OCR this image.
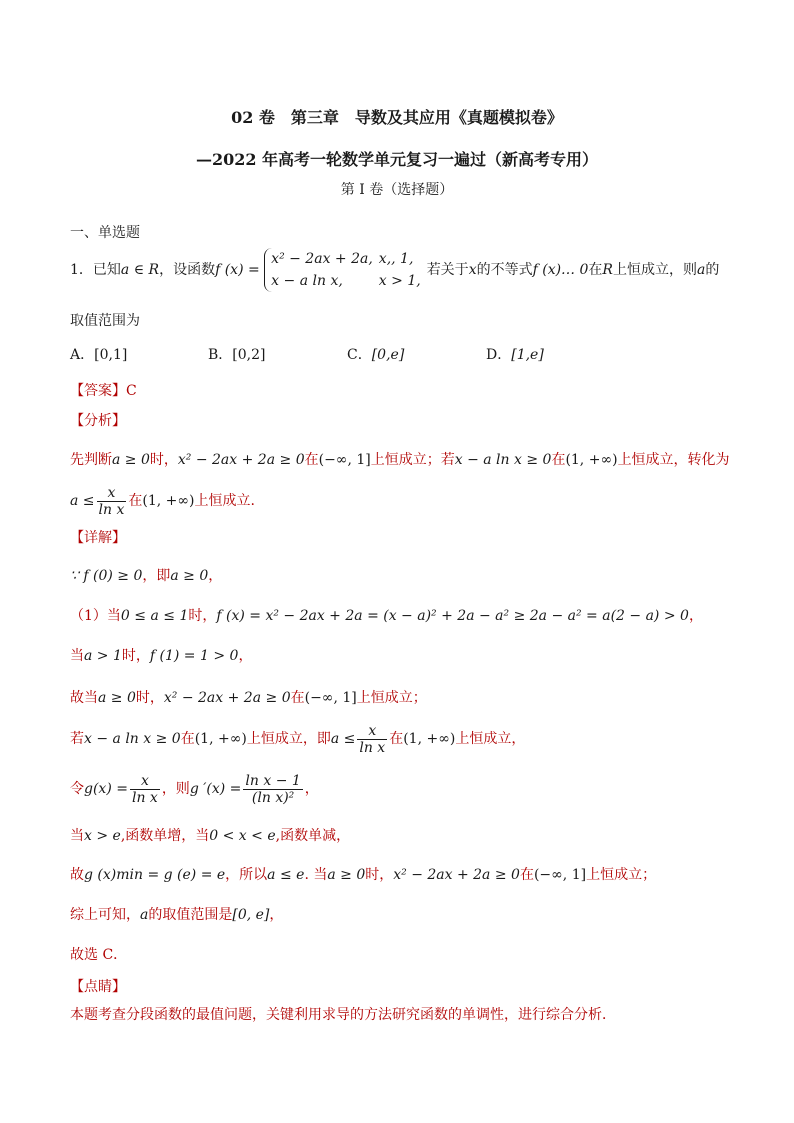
02 卷　第三章　导数及其应用《真题模拟卷》
—2022 年高考一轮数学单元复习一遍过（新高考专用）
第 I 卷（选择题）
一、单选题
1．已知a ∈ R，设函数f (x) =
x² − 2ax + 2a,	x,, 1,
x − a ln x,	x > 1,
若关于x的不等式f (x)… 0在R上恒成立，则a的
取值范围为
A．[0,1]	B．[0,2]	C．[0,e]	D．[1,e]
【答案】C
【分析】
先判断a ≥ 0时，x² − 2ax + 2a ≥ 0在(−∞, 1]上恒成立；若x − a ln x ≥ 0在(1, +∞)上恒成立，转化为
$a \le \frac{x}{\text{ln x}}$ 在(1, +∞)上恒成立.
【详解】
∵ f (0) ≥ 0，即a ≥ 0，
（1）当0 ≤ a ≤ 1时，f (x) = x² − 2ax + 2a = (x − a)² + 2a − a² ≥ 2a − a² = a(2 − a) > 0，
当a > 1时，f (1) = 1 > 0，
故当a ≥ 0时，x² − 2ax + 2a ≥ 0在(−∞, 1]上恒成立；
若x − a ln x ≥ 0在(1, +∞)上恒成立，即$a \le \frac{x}{\text{ln x}}$ 在(1, +∞)上恒成立，
令$g(x) = \frac{x}{\text{ln x}}$ ，则g $'(x) = \frac{\text{ln x − 1}}{\text{(ln x)²}}$ ，
当x > e,函数单增，当0 < x < e,函数单减，
故g (x)min = g (e) = e，所以a ≤ e. 当a ≥ 0时，x² − 2ax + 2a ≥ 0在(−∞, 1]上恒成立；
综上可知，a的取值范围是[0, e]，
故选 C．
【点睛】
本题考查分段函数的最值问题，关键利用求导的方法研究函数的单调性，进行综合分析．
